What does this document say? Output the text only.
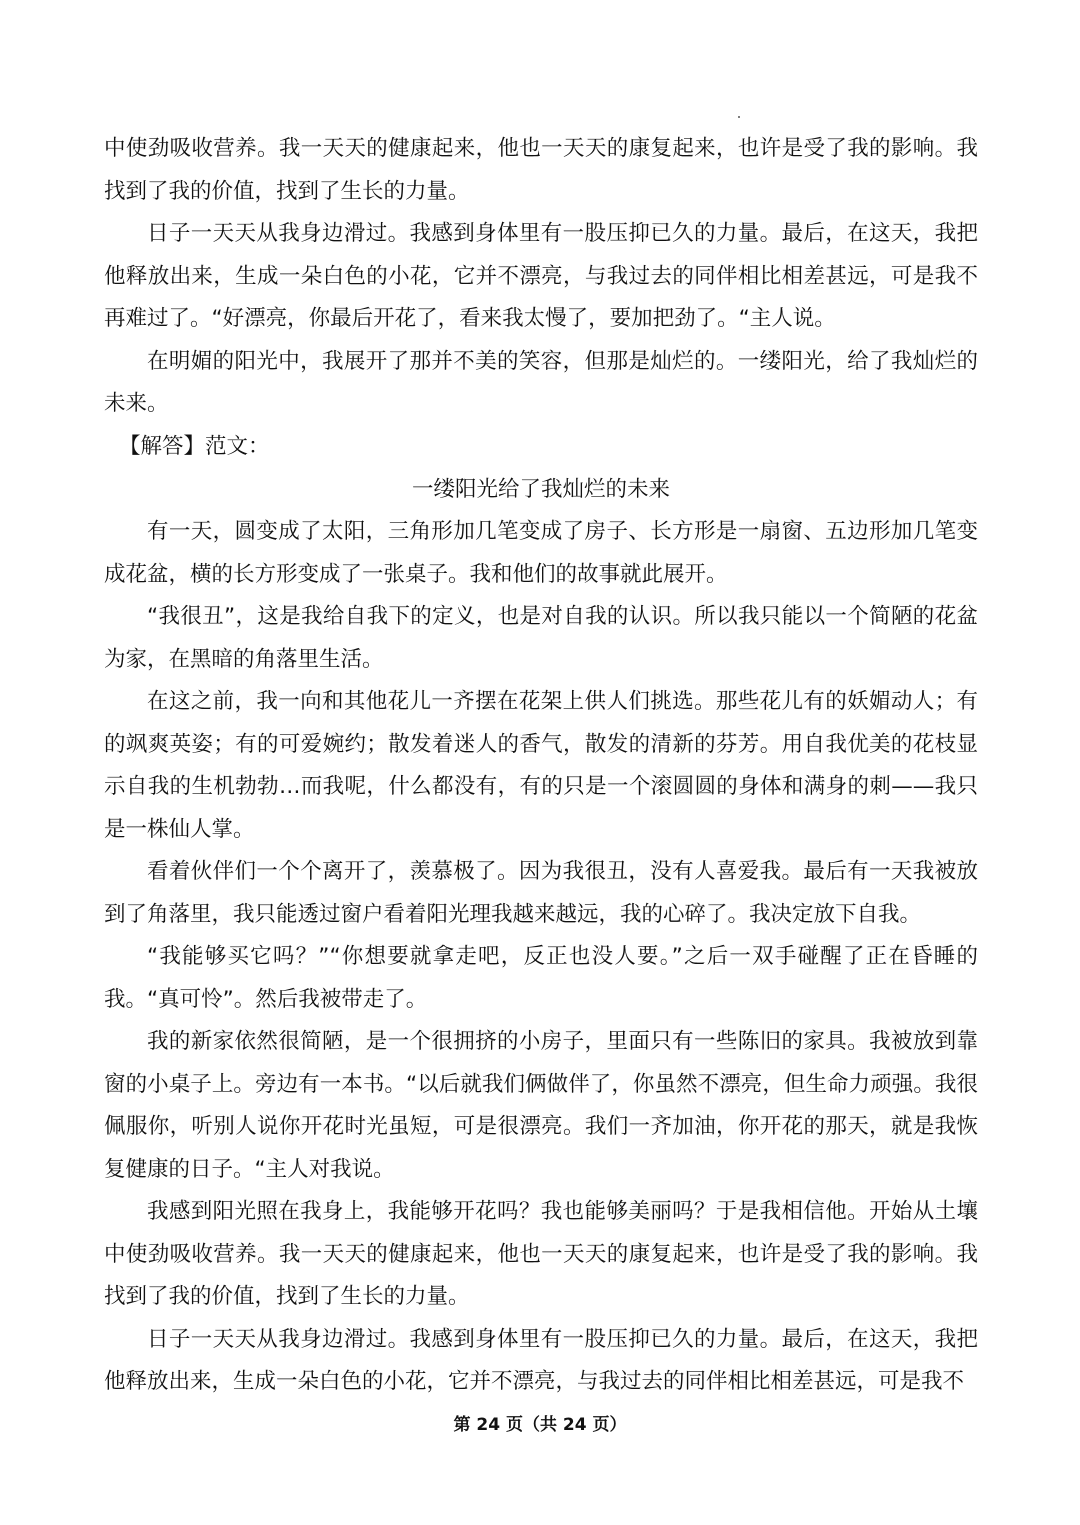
中使劲吸收营养。我一天天的健康起来，他也一天天的康复起来，也许是受了我的影响。我找到了我的价值，找到了生长的力量。

日子一天天从我身边滑过。我感到身体里有一股压抑已久的力量。最后，在这天，我把他释放出来，生成一朵白色的小花，它并不漂亮，与我过去的同伴相比相差甚远，可是我不再难过了。“好漂亮，你最后开花了，看来我太慢了，要加把劲了。“主人说。

在明媚的阳光中，我展开了那并不美的笑容，但那是灿烂的。一缕阳光，给了我灿烂的未来。

【解答】范文：

一缕阳光给了我灿烂的未来

有一天，圆变成了太阳，三角形加几笔变成了房子、长方形是一扇窗、五边形加几笔变成花盆，横的长方形变成了一张桌子。我和他们的故事就此展开。

“我很丑”，这是我给自我下的定义，也是对自我的认识。所以我只能以一个简陋的花盆为家，在黑暗的角落里生活。

在这之前，我一向和其他花儿一齐摆在花架上供人们挑选。那些花儿有的妖媚动人；有的飒爽英姿；有的可爱婉约；散发着迷人的香气，散发的清新的芬芳。用自我优美的花枝显示自我的生机勃勃…而我呢，什么都没有，有的只是一个滚圆圆的身体和满身的刺——我只是一株仙人掌。

看着伙伴们一个个离开了，羡慕极了。因为我很丑，没有人喜爱我。最后有一天我被放到了角落里，我只能透过窗户看着阳光理我越来越远，我的心碎了。我决定放下自我。

“我能够买它吗？”“你想要就拿走吧，反正也没人要。”之后一双手碰醒了正在昏睡的我。“真可怜”。然后我被带走了。

我的新家依然很简陋，是一个很拥挤的小房子，里面只有一些陈旧的家具。我被放到靠窗的小桌子上。旁边有一本书。“以后就我们俩做伴了，你虽然不漂亮，但生命力顽强。我很佩服你，听别人说你开花时光虽短，可是很漂亮。我们一齐加油，你开花的那天，就是我恢复健康的日子。“主人对我说。

我感到阳光照在我身上，我能够开花吗？我也能够美丽吗？于是我相信他。开始从土壤中使劲吸收营养。我一天天的健康起来，他也一天天的康复起来，也许是受了我的影响。我找到了我的价值，找到了生长的力量。

日子一天天从我身边滑过。我感到身体里有一股压抑已久的力量。最后，在这天，我把他释放出来，生成一朵白色的小花，它并不漂亮，与我过去的同伴相比相差甚远，可是我不

第 24 页（共 24 页）
